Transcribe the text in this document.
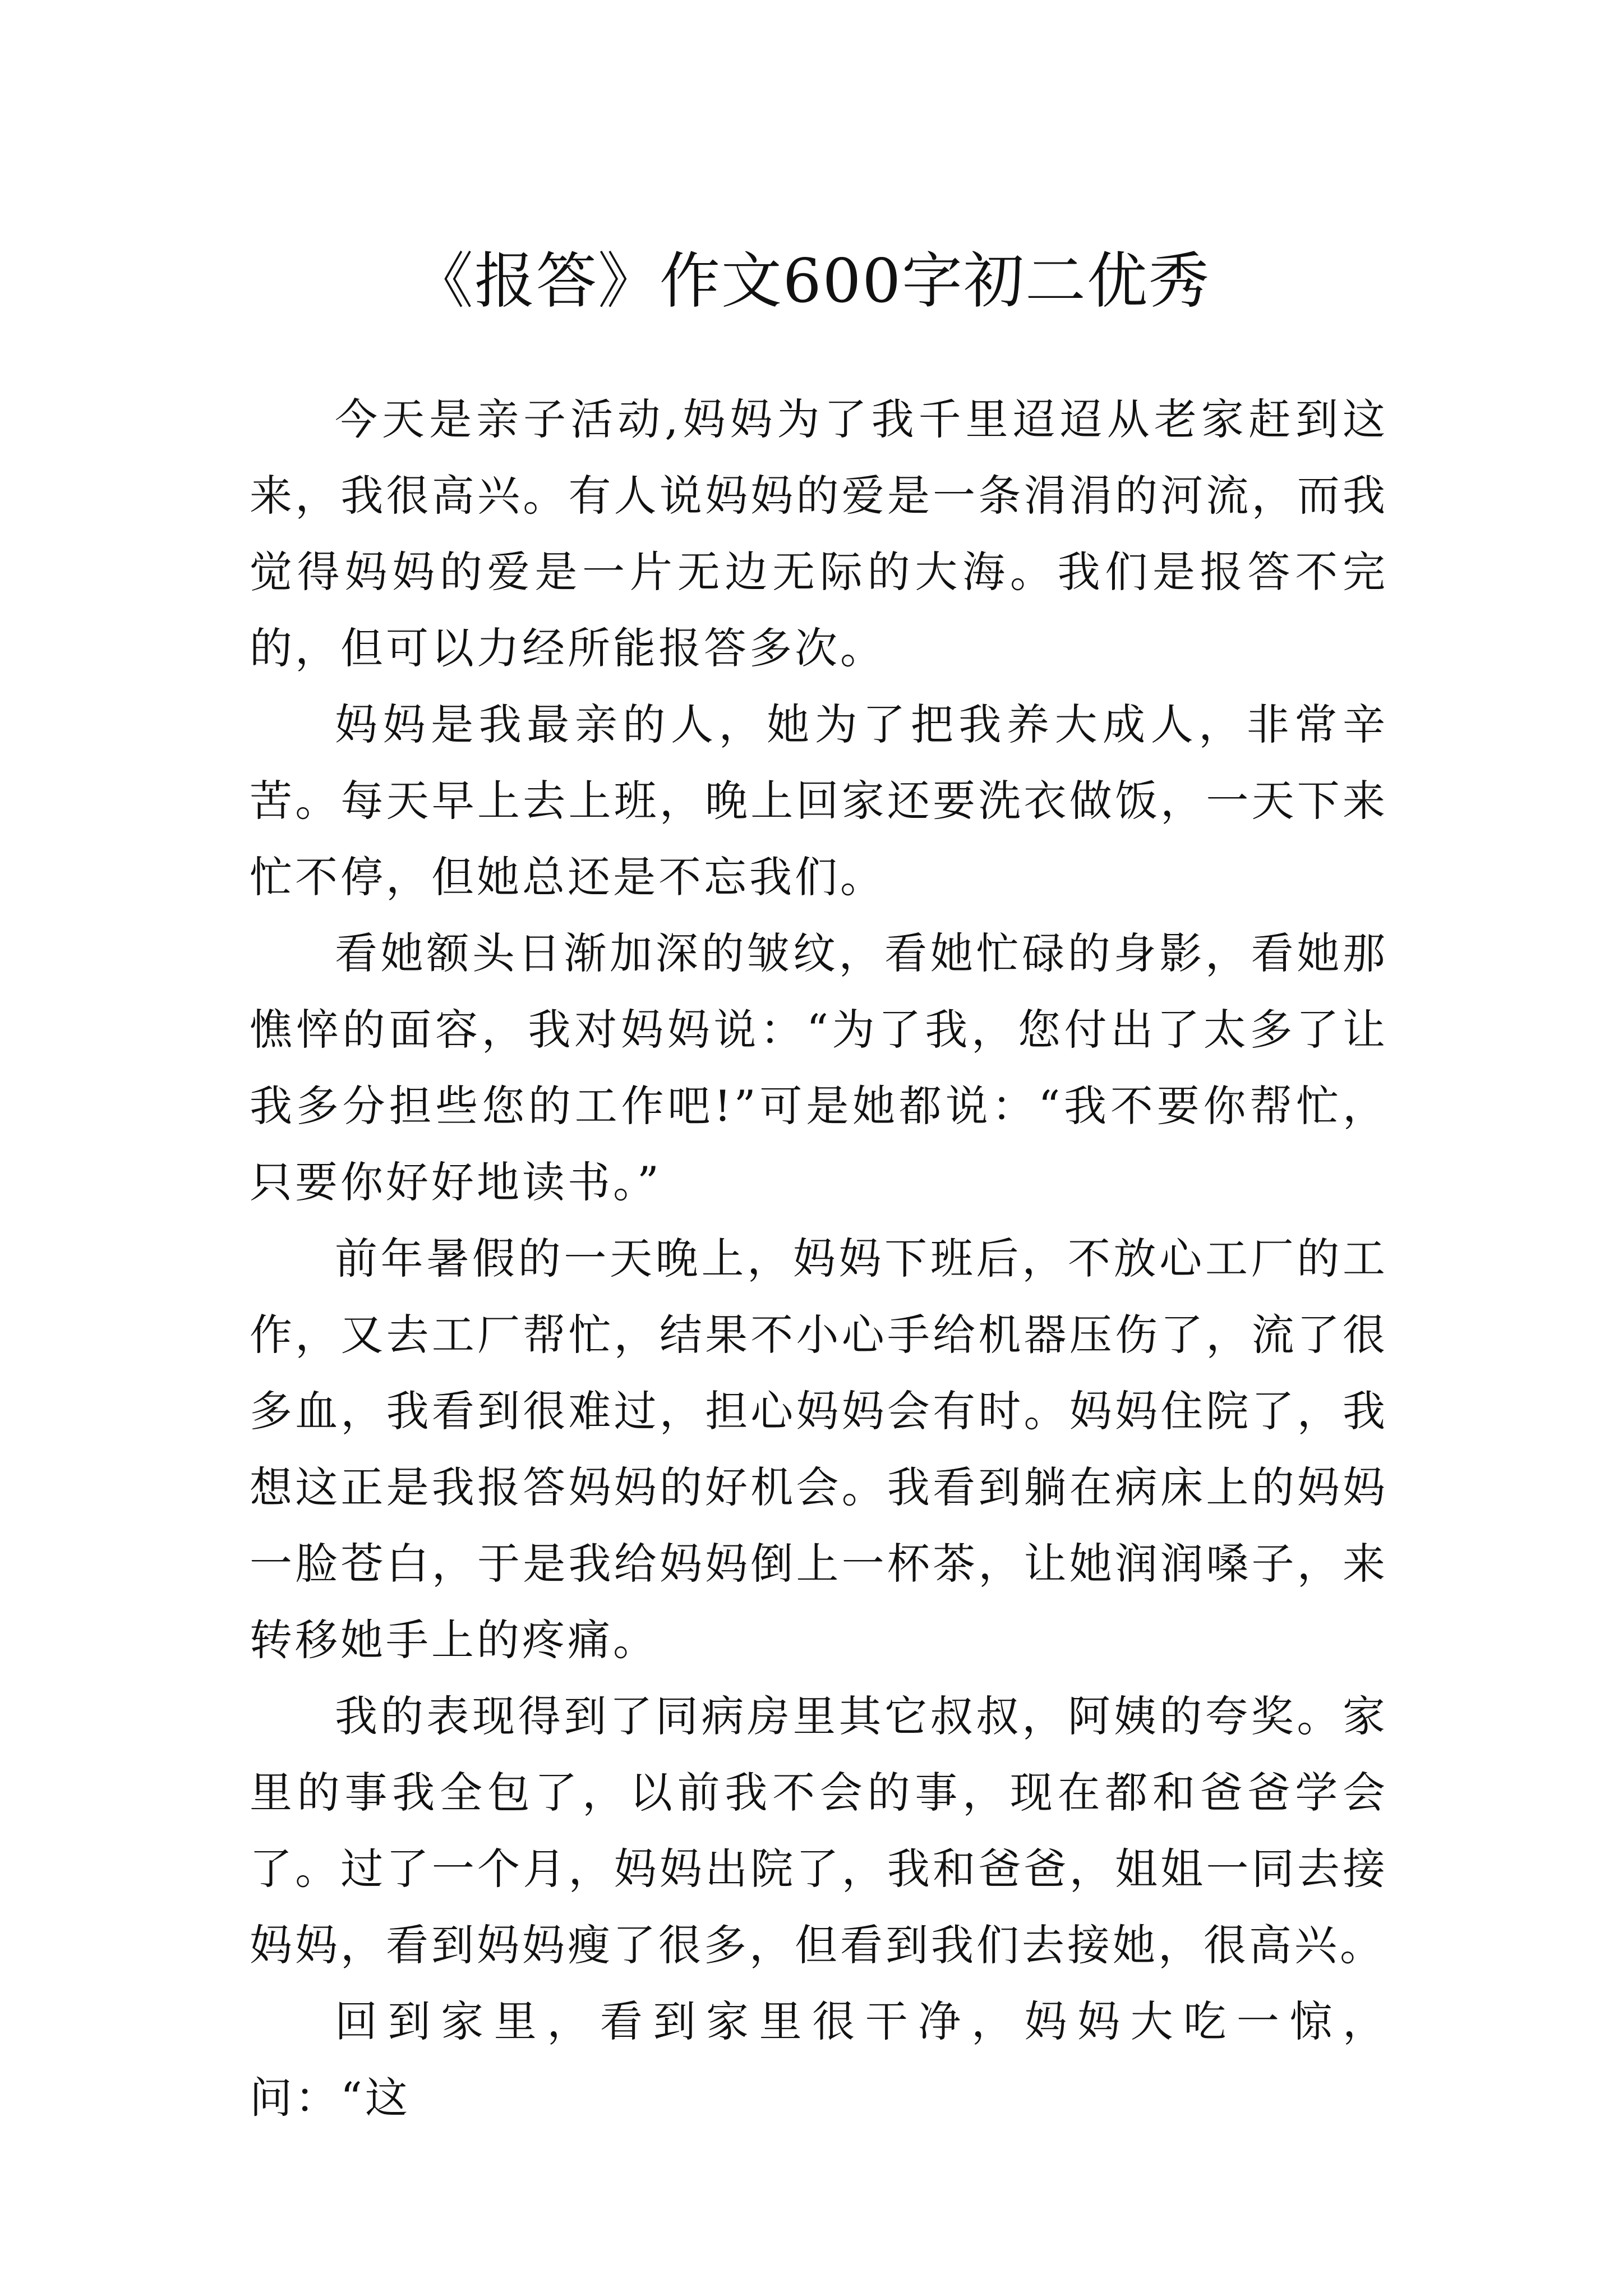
《报答》作文600字初二优秀

今天是亲子活动,妈妈为了我千里迢迢从老家赶到这来，我很高兴。有人说妈妈的爱是一条涓涓的河流，而我觉得妈妈的爱是一片无边无际的大海。我们是报答不完的，但可以力经所能报答多次。

妈妈是我最亲的人，她为了把我养大成人，非常辛苦。每天早上去上班，晚上回家还要洗衣做饭，一天下来忙不停，但她总还是不忘我们。

看她额头日渐加深的皱纹，看她忙碌的身影，看她那憔悴的面容，我对妈妈说：“为了我，您付出了太多了让我多分担些您的工作吧!”可是她都说：“我不要你帮忙，只要你好好地读书。”

前年暑假的一天晚上，妈妈下班后，不放心工厂的工作，又去工厂帮忙，结果不小心手给机器压伤了，流了很多血，我看到很难过，担心妈妈会有时。妈妈住院了，我想这正是我报答妈妈的好机会。我看到躺在病床上的妈妈一脸苍白，于是我给妈妈倒上一杯茶，让她润润嗓子，来转移她手上的疼痛。

我的表现得到了同病房里其它叔叔，阿姨的夸奖。家里的事我全包了，以前我不会的事，现在都和爸爸学会了。过了一个月，妈妈出院了，我和爸爸，姐姐一同去接妈妈，看到妈妈瘦了很多，但看到我们去接她，很高兴。

回到家里，看到家里很干净，妈妈大吃一惊，问：“这
